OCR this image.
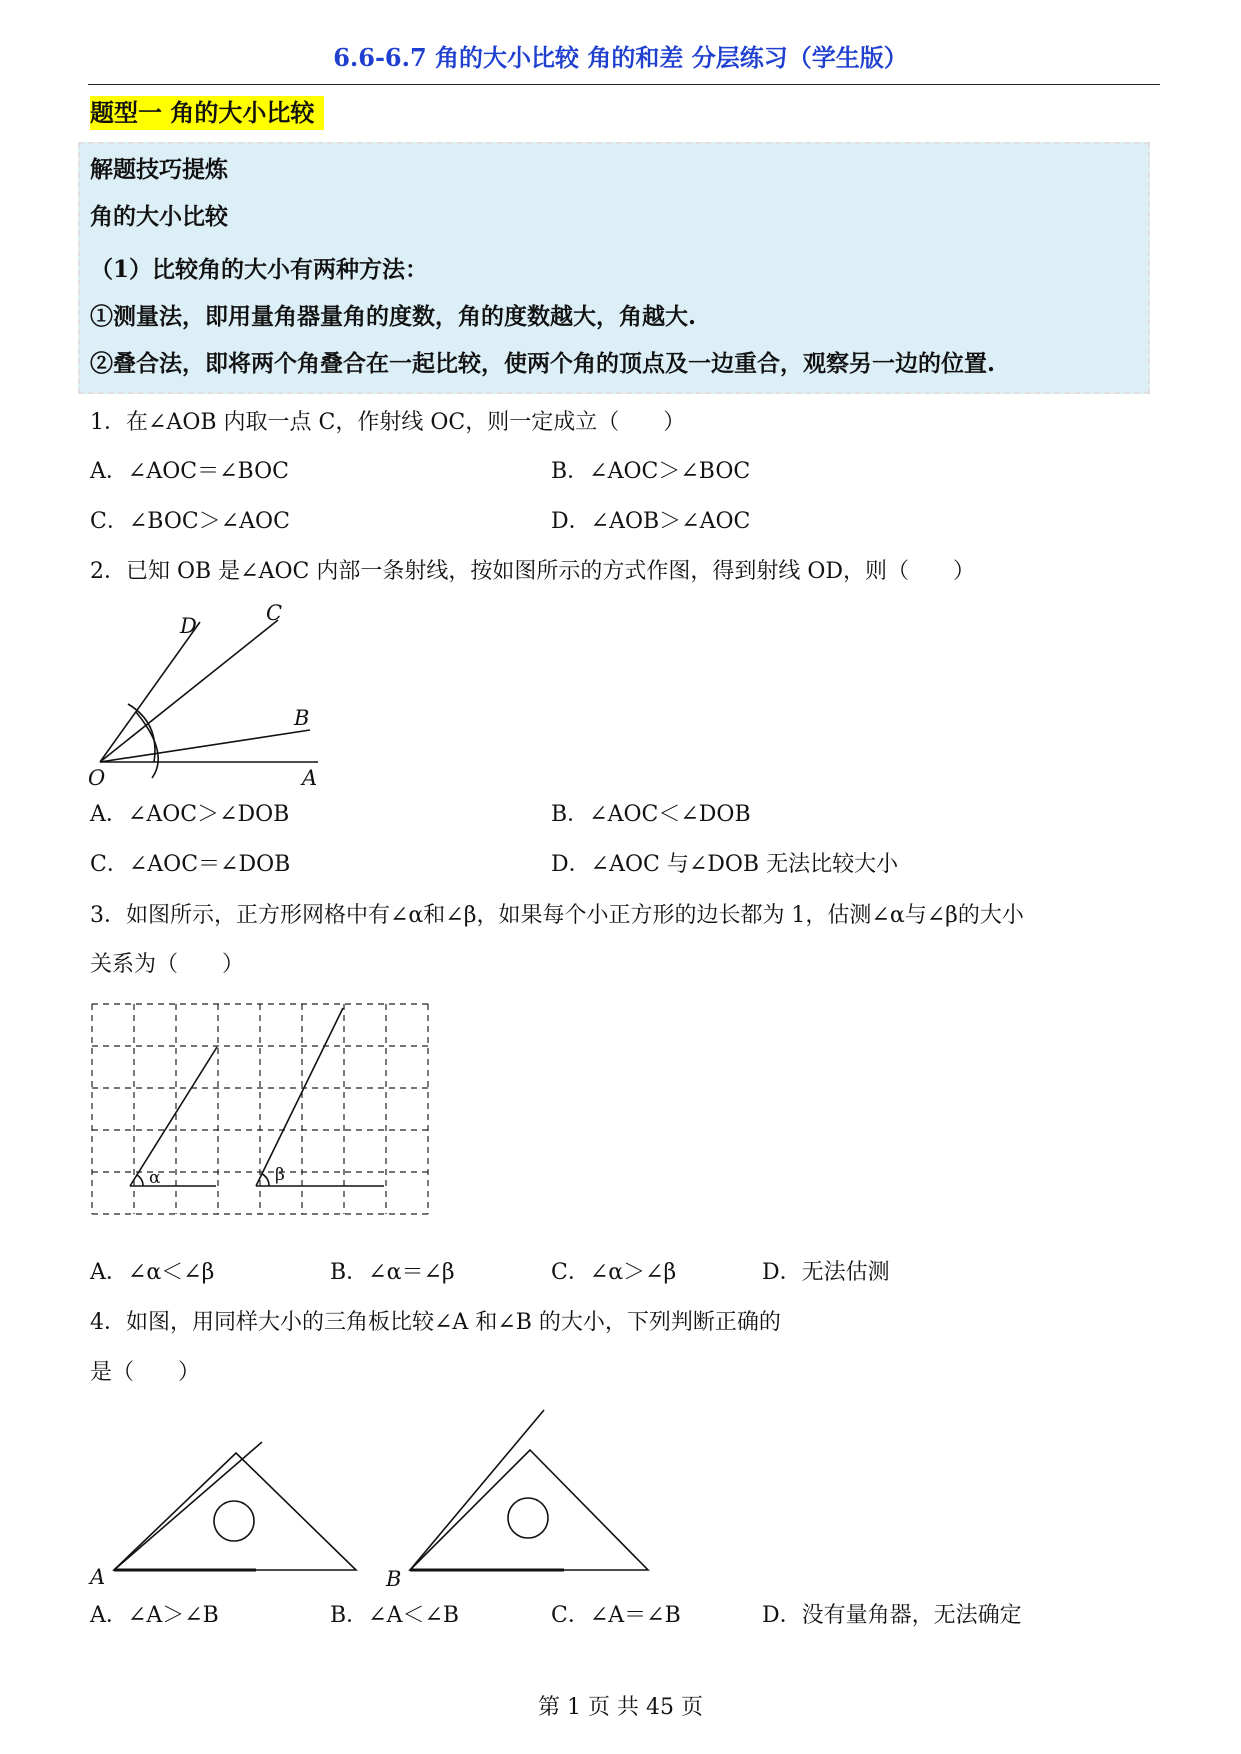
6.6-6.7 角的大小比较 角的和差 分层练习（学生版）
题型一 角的大小比较
解题技巧提炼
角的大小比较
（1）比较角的大小有两种方法：
①测量法，即用量角器量角的度数，角的度数越大，角越大.
②叠合法，即将两个角叠合在一起比较，使两个角的顶点及一边重合，观察另一边的位置.
1．在∠AOB 内取一点 C，作射线 OC，则一定成立（　　）
A．∠AOC＝∠BOC	B．∠AOC＞∠BOC
C．∠BOC＞∠AOC	D．∠AOB＞∠AOC
2．已知 OB 是∠AOC 内部一条射线，按如图所示的方式作图，得到射线 OD，则（　　）
D
C
B
O	A
A．∠AOC＞∠DOB	B．∠AOC＜∠DOB
C．∠AOC＝∠DOB	D．∠AOC 与∠DOB 无法比较大小
3．如图所示，正方形网格中有∠α和∠β，如果每个小正方形的边长都为 1，估测∠α与∠β的大小
关系为（　　）
α	β
A．∠α＜∠β	B．∠α＝∠β	C．∠α＞∠β	D．无法估测
4．如图，用同样大小的三角板比较∠A 和∠B 的大小，下列判断正确的
是（　　）
A	B
A．∠A＞∠B	B．∠A＜∠B	C．∠A＝∠B	D．没有量角器，无法确定
第 1 页 共 45 页
